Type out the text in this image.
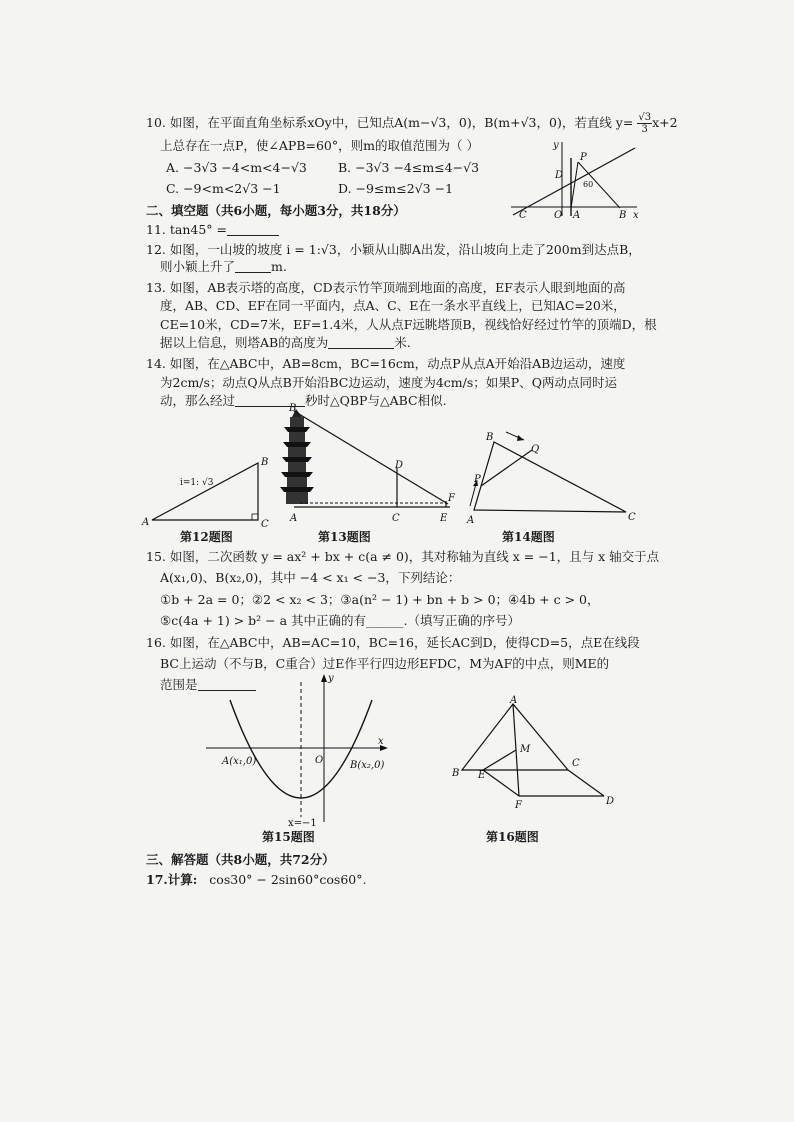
10. 如图，在平面直角坐标系xOy中，已知点A(m−√3，0)，B(m+√3，0)，若直线 $y= \frac{√3}{3} x+2$
上总存在一点P，使∠APB=60°，则m的取值范围为（ ）
A. −3√3 −4<m<4−√3 B. −3√3 −4≤m≤4−√3
C. −9<m<2√3 −1	D. −9≤m≤2√3 −1
y
P
D
60
C	O A	B x
二、填空题（共6小题，每小题3分，共18分）
11. tan45° =
12. 如图，一山坡的坡度 i = 1:√3，小颖从山脚A出发，沿山坡向上走了200m到达点B，
则小颖上升了	m.
13. 如图，AB表示塔的高度，CD表示竹竿顶端到地面的高度，EF表示人眼到地面的高
度，AB、CD、EF在同一平面内，点A、C、E在一条水平直线上，已知AC=20米，
CE=10米，CD=7米，EF=1.4米，人从点F远眺塔顶B，视线恰好经过竹竿的顶端D，根
据以上信息，则塔AB的高度为	米.
14. 如图，在△ABC中，AB=8cm，BC=16cm，动点P从点A开始沿AB边运动，速度
为2cm/s；动点Q从点B开始沿BC边运动，速度为4cm/s；如果P、Q两动点同时运
动，那么经过	秒时△QBP与△ABC相似.
i=1: √3
A
B
C
第12题图
B
A
D
C
F
E
第13题图
B
Q
P
A	C
第14题图
15. 如图，二次函数 y = ax² + bx + c(a ≠ 0)，其对称轴为直线 x = −1，且与 x 轴交于点
A(x₁,0)、B(x₂,0)，其中 −4 < x₁ < −3，下列结论：
①b + 2a = 0；②2 < x₂ < 3；③a(n² − 1) + bn + b > 0；④4b + c > 0，
⑤c(4a + 1) > b² − a 其中正确的有______.（填写正确的序号）
16. 如图，在△ABC中，AB=AC=10，BC=16，延长AC到D，使得CD=5，点E在线段
BC上运动（不与B，C重合）过E作平行四边形EFDC，M为AF的中点，则ME的
范围是	y
x
O
A(x₁,0)	B(x₂,0)
x=−1
第15题图
A
B E
M
C
D
F
第16题图
三、解答题（共8小题，共72分）
17.计算: cos30° − 2sin60°cos60°.
